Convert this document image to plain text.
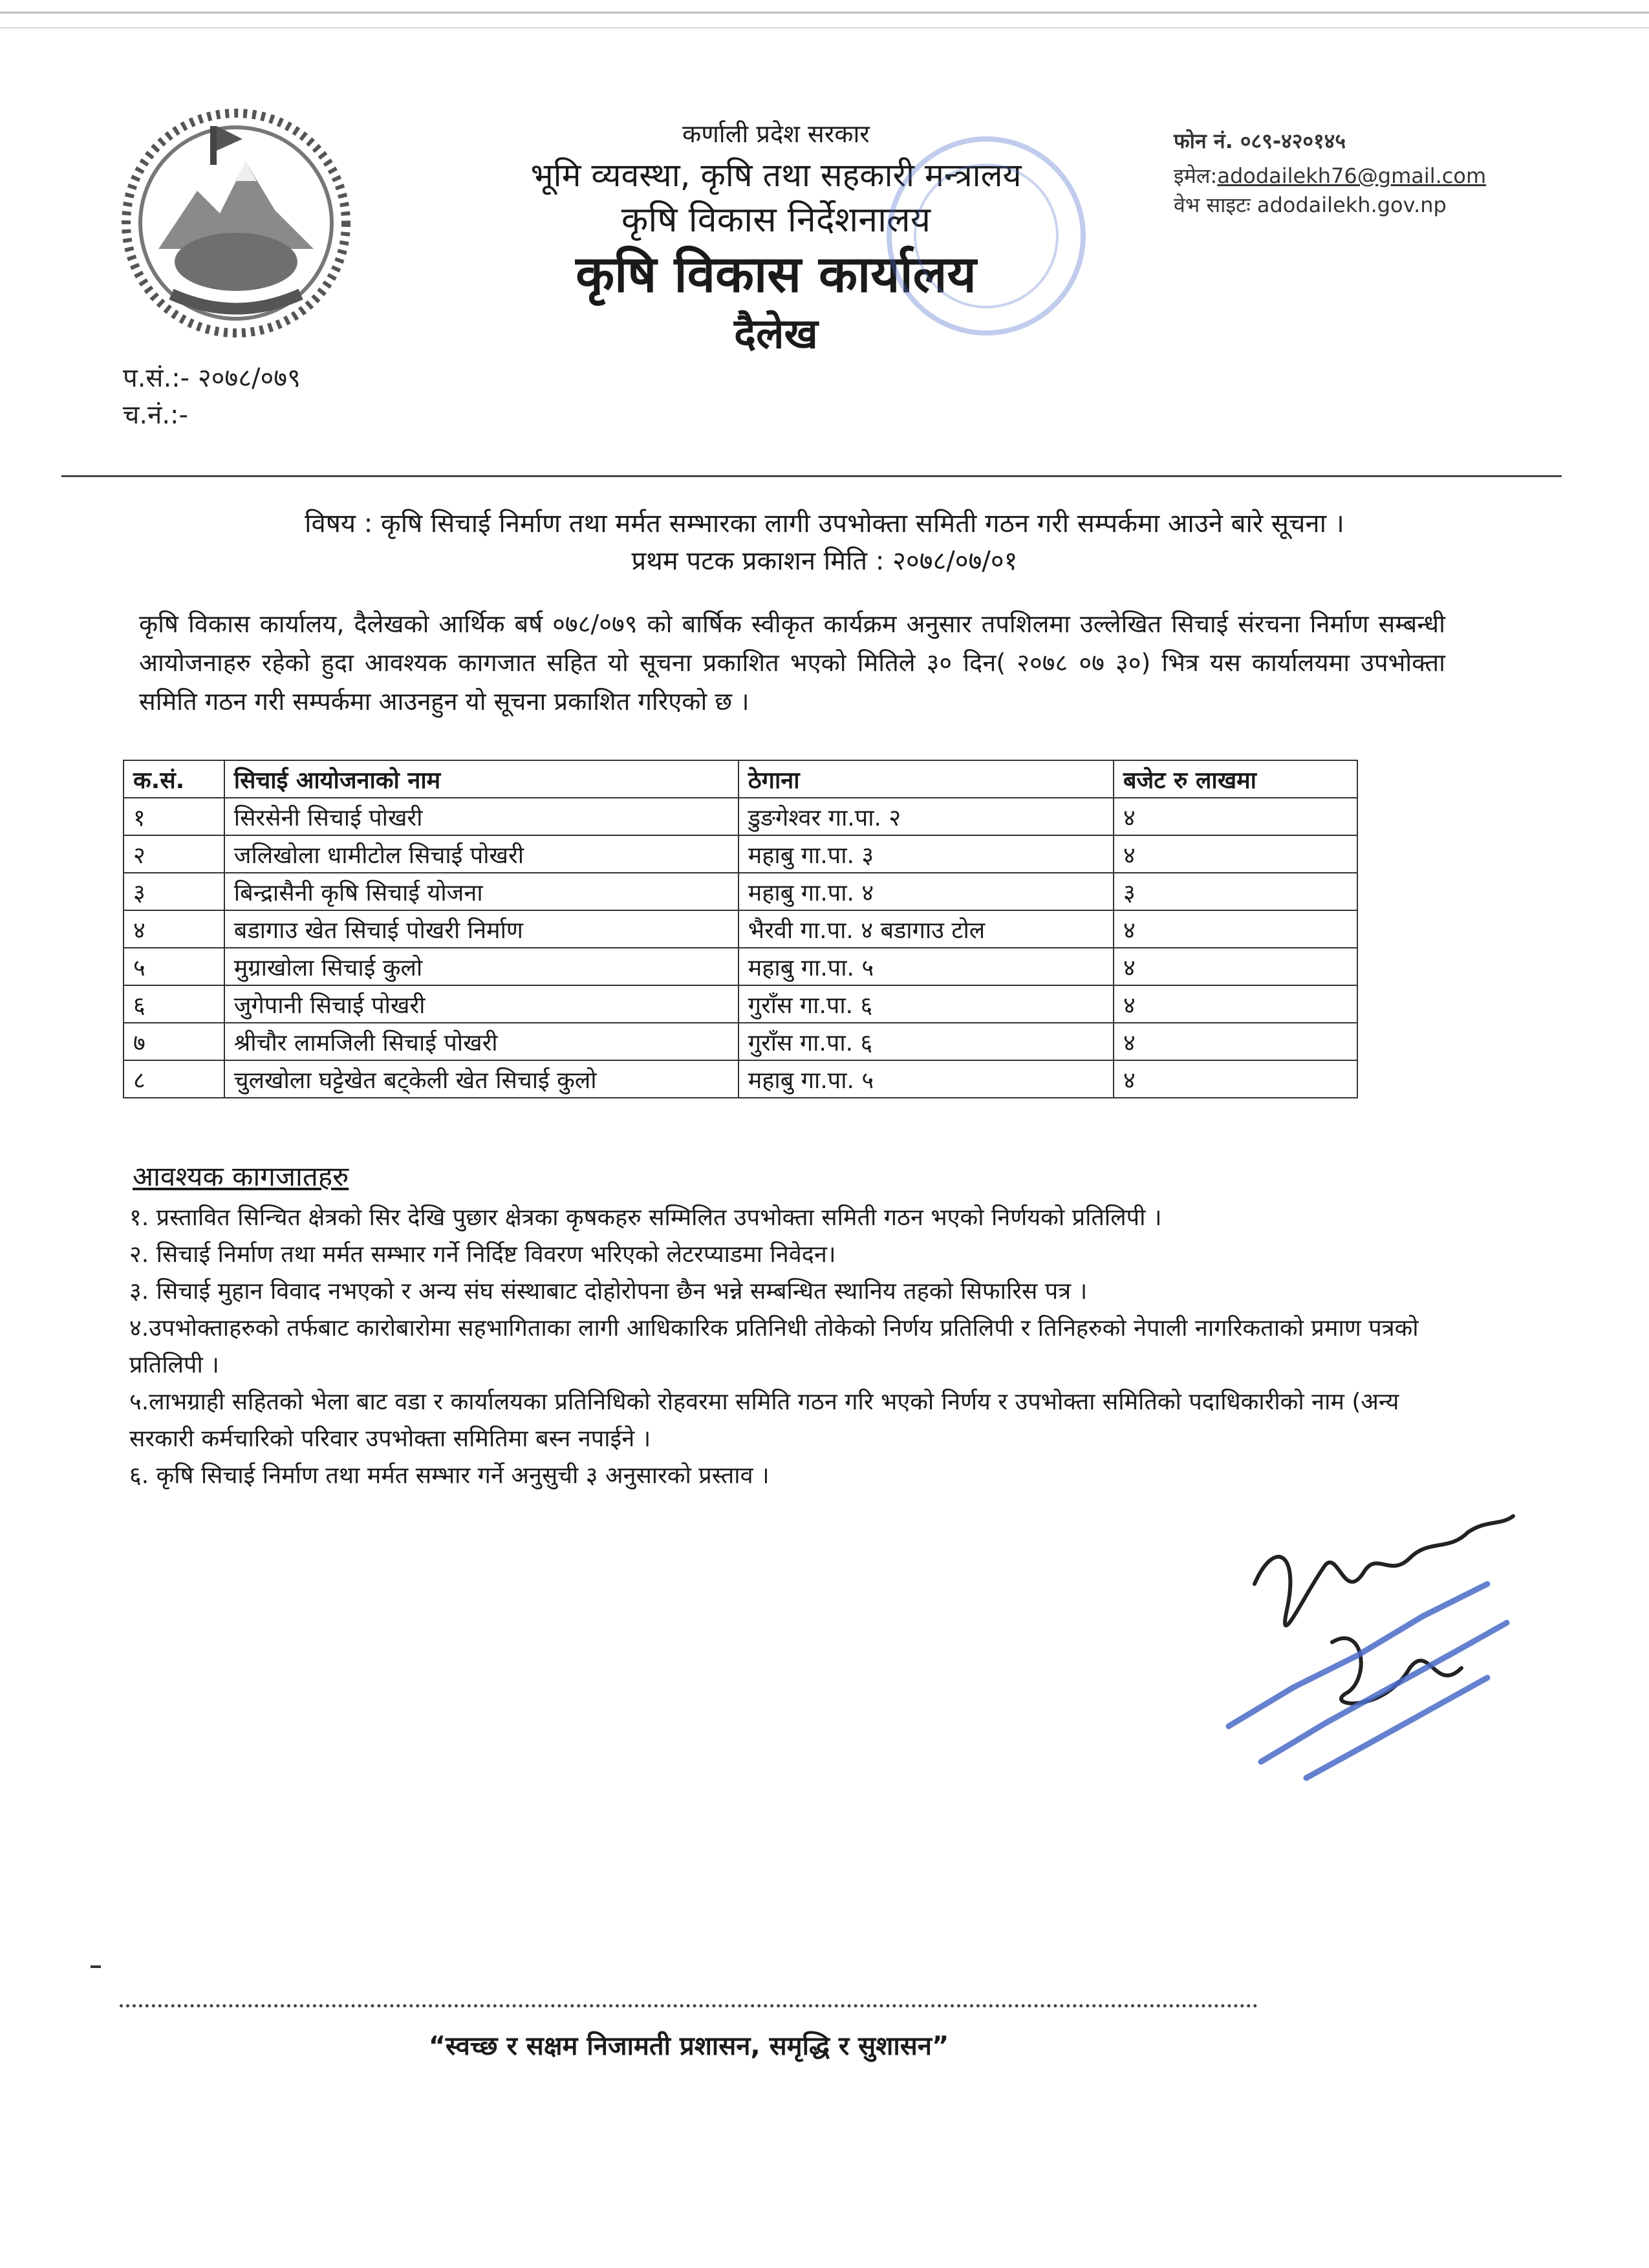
कर्णाली प्रदेश सरकार
भूमि व्यवस्था, कृषि तथा सहकारी मन्त्रालय
कृषि विकास निर्देशनालय
कृषि विकास कार्यालय
दैलेख
फोन नं. ०८९-४२०१४५
इमेल:adodailekh76@gmail.com
वेभ साइटः adodailekh.gov.np
प.सं.:- २०७८/०७९
च.नं.:-
विषय : कृषि सिचाई निर्माण तथा मर्मत सम्भारका लागी उपभोक्ता समिती गठन गरी सम्पर्कमा आउने बारे सूचना ।
प्रथम पटक प्रकाशन मिति : २०७८/०७/०१
कृषि विकास कार्यालय, दैलेखको आर्थिक बर्ष ०७८/०७९ को बार्षिक स्वीकृत कार्यक्रम अनुसार तपशिलमा उल्लेखित सिचाई संरचना निर्माण सम्बन्धी आयोजनाहरु रहेको हुदा आवश्यक कागजात सहित यो सूचना प्रकाशित भएको मितिले ३० दिन( २०७८ ०७ ३०) भित्र यस कार्यालयमा उपभोक्ता समिति गठन गरी सम्पर्कमा आउनहुन यो सूचना प्रकाशित गरिएको छ ।
क.सं.	सिचाई आयोजनाको नाम	ठेगाना	बजेट रु लाखमा
१	सिरसेनी सिचाई पोखरी	डुङगेश्वर गा.पा. २	४
२	जलिखोला धामीटोल सिचाई पोखरी	महाबु गा.पा. ३	४
३	बिन्द्रासैनी कृषि सिचाई योजना	महाबु गा.पा. ४	३
४	बडागाउ खेत सिचाई पोखरी निर्माण	भैरवी गा.पा. ४ बडागाउ टोल	४
५	मुग्राखोला सिचाई कुलो	महाबु गा.पा. ५	४
६	जुगेपानी सिचाई पोखरी	गुराँस गा.पा. ६	४
७	श्रीचौर लामजिली सिचाई पोखरी	गुराँस गा.पा. ६	४
८	चुलखोला घट्टेखेत बट्केली खेत सिचाई कुलो	महाबु गा.पा. ५	४
आवश्यक कागजातहरु
१. प्रस्तावित सिन्चित क्षेत्रको सिर देखि पुछार क्षेत्रका कृषकहरु सम्मिलित उपभोक्ता समिती गठन भएको निर्णयको प्रतिलिपी ।
२. सिचाई निर्माण तथा मर्मत सम्भार गर्ने निर्दिष्ट विवरण भरिएको लेटरप्याडमा निवेदन।
३. सिचाई मुहान विवाद नभएको र अन्य संघ संस्थाबाट दोहोरोपना छैन भन्ने सम्बन्धित स्थानिय तहको सिफारिस पत्र ।
४.उपभोक्ताहरुको तर्फबाट कारोबारोमा सहभागिताका लागी आधिकारिक प्रतिनिधी तोकेको निर्णय प्रतिलिपी र तिनिहरुको नेपाली नागरिकताको प्रमाण पत्रको प्रतिलिपी ।
५.लाभग्राही सहितको भेला बाट वडा र कार्यालयका प्रतिनिधिको रोहवरमा समिति गठन गरि भएको निर्णय र उपभोक्ता समितिको पदाधिकारीको नाम (अन्य सरकारी कर्मचारिको परिवार उपभोक्ता समितिमा बस्न नपाईने ।
६. कृषि सिचाई निर्माण तथा मर्मत सम्भार गर्ने अनुसुची ३ अनुसारको प्रस्ताव ।
“स्वच्छ र सक्षम निजामती प्रशासन, समृद्धि र सुशासन”
